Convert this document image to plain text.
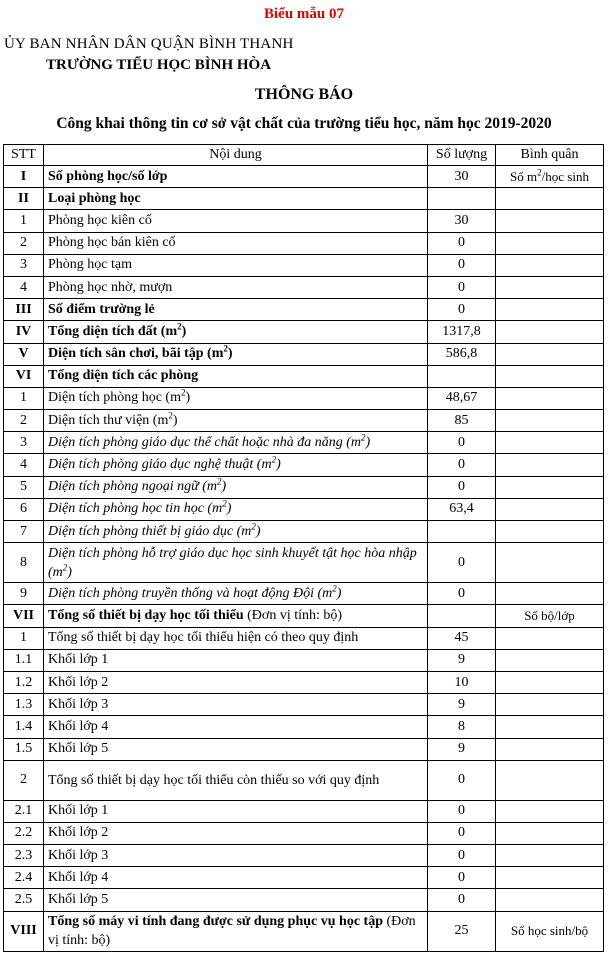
Biểu mẫu 07
ỦY BAN NHÂN DÂN QUẬN BÌNH THANH
TRƯỜNG TIỂU HỌC BÌNH HÒA
THÔNG BÁO
Công khai thông tin cơ sở vật chất của trường tiểu học, năm học 2019-2020
STT	Nội dung	Số lượng	Bình quân
I	Số phòng học/số lớp	30	Số $m^2$/học sinh
II	Loại phòng học		
1	Phòng học kiên cố	30	
2	Phòng học bán kiên cố	0	
3	Phòng học tạm	0	
4	Phòng học nhờ, mượn	0	
III	Số điểm trường lẻ	0	
IV	Tổng diện tích đất $(m^2)$	1317,8	
V	Diện tích sân chơi, bãi tập $(m^2)$	586,8	
VI	Tổng diện tích các phòng		
1	Diện tích phòng học $(m^2)$	48,67	
2	Diện tích thư viện $(m^2)$	85	
3	Diện tích phòng giáo dục thể chất hoặc nhà đa năng $(m^2)$	0	
4	Diện tích phòng giáo dục nghệ thuật $(m^2)$	0	
5	Diện tích phòng ngoại ngữ $(m^2)$	0	
6	Diện tích phòng học tin học $(m^2)$	63,4	
7	Diện tích phòng thiết bị giáo dục $(m^2)$		
8	Diện tích phòng hỗ trợ giáo dục học sinh khuyết tật học hòa nhập $(m^2)$	0	
9	Diện tích phòng truyền thống và hoạt động Đội $(m^2)$	0	
VII	Tổng số thiết bị dạy học tối thiểu (Đơn vị tính: bộ)		Số bộ/lớp
1	Tổng số thiết bị dạy học tối thiểu hiện có theo quy định	45	
1.1	Khối lớp 1	9	
1.2	Khối lớp 2	10	
1.3	Khối lớp 3	9	
1.4	Khối lớp 4	8	
1.5	Khối lớp 5	9	
2	Tổng số thiết bị dạy học tối thiểu còn thiếu so với quy định	0	
2.1	Khối lớp 1	0	
2.2	Khối lớp 2	0	
2.3	Khối lớp 3	0	
2.4	Khối lớp 4	0	
2.5	Khối lớp 5	0	
VIII	Tổng số máy vi tính đang được sử dụng phục vụ học tập (Đơn vị tính: bộ)	25	Số học sinh/bộ
